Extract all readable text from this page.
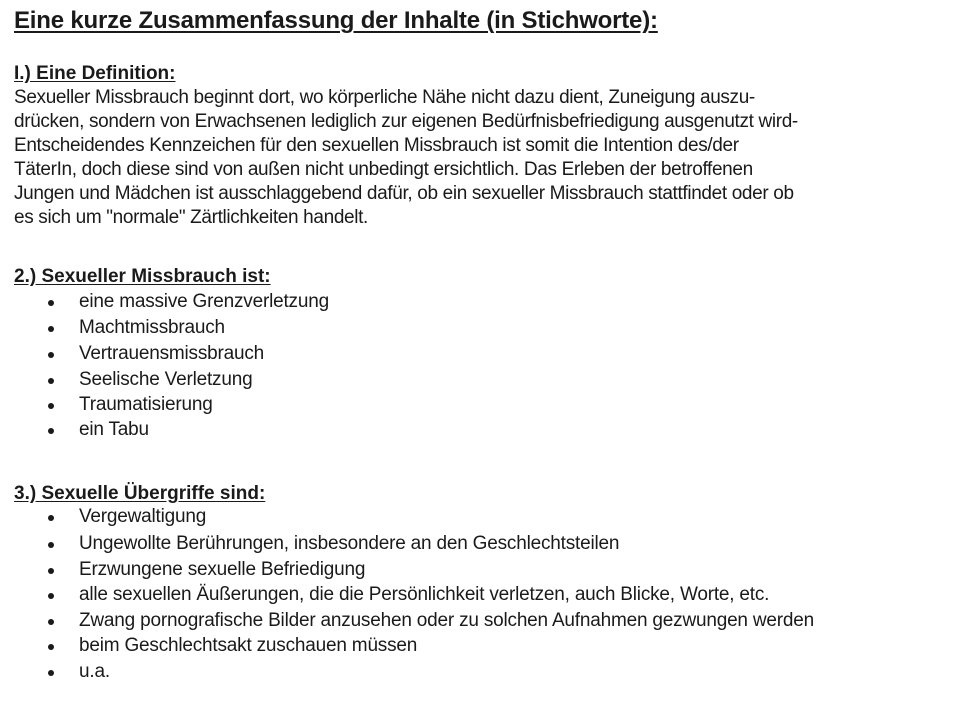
Eine kurze Zusammenfassung der Inhalte (in Stichworte):
I.) Eine Definition:

Sexueller Missbrauch beginnt dort, wo körperliche Nähe nicht dazu dient, Zuneigung auszu-

drücken, sondern von Erwachsenen lediglich zur eigenen Bedürfnisbefriedigung ausgenutzt wird-

Entscheidendes Kennzeichen für den sexuellen Missbrauch ist somit die Intention des/der

TäterIn, doch diese sind von außen nicht unbedingt ersichtlich. Das Erleben der betroffenen

Jungen und Mädchen ist ausschlaggebend dafür, ob ein sexueller Missbrauch stattfindet oder ob

es sich um "normale" Zärtlichkeiten handelt.

2.) Sexueller Missbrauch ist:
eine massive Grenzverletzung
Machtmissbrauch
Vertrauensmissbrauch
Seelische Verletzung
Traumatisierung
ein Tabu
3.) Sexuelle Übergriffe sind:
Vergewaltigung
Ungewollte Berührungen, insbesondere an den Geschlechtsteilen
Erzwungene sexuelle Befriedigung
alle sexuellen Äußerungen, die die Persönlichkeit verletzen, auch Blicke, Worte, etc.
Zwang pornografische Bilder anzusehen oder zu solchen Aufnahmen gezwungen werden
beim Geschlechtsakt zuschauen müssen
u.a.
